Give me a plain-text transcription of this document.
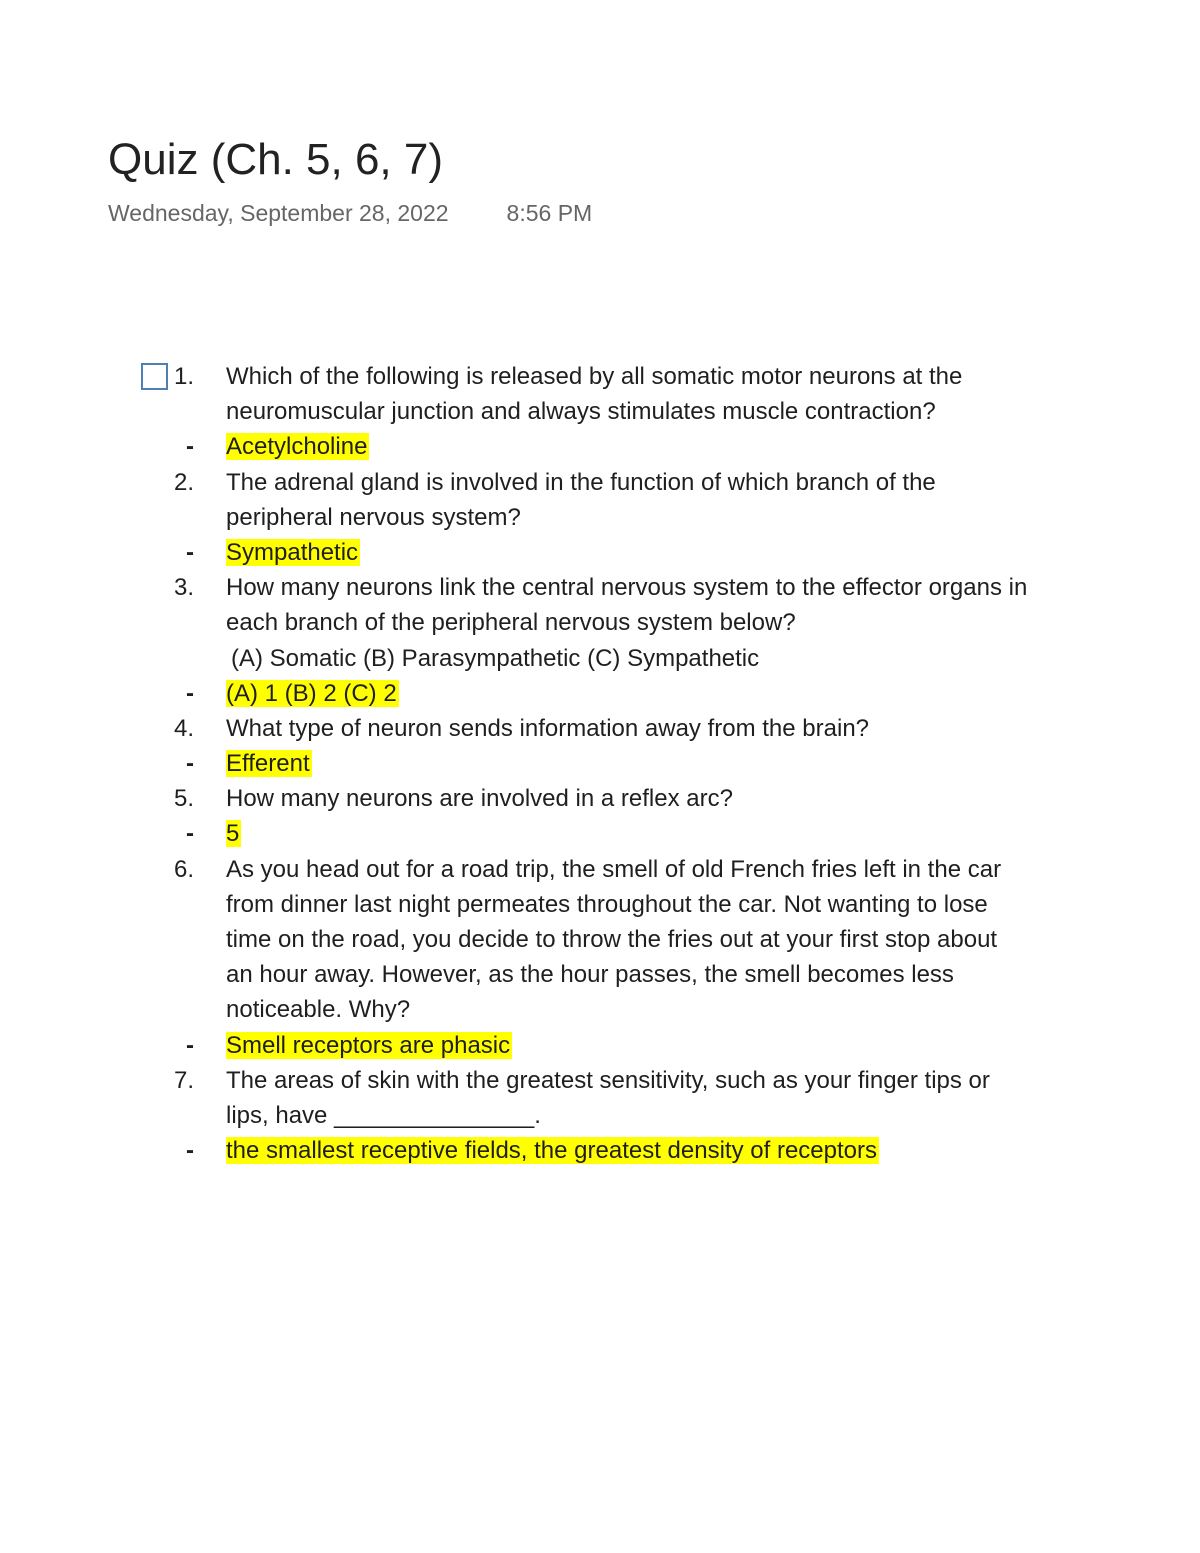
Quiz (Ch. 5, 6, 7)
Wednesday, September 28, 2022	8:56 PM
1.	Which of the following is released by all somatic motor neurons at the
neuromuscular junction and always stimulates muscle contraction?
- Acetylcholine
2.	The adrenal gland is involved in the function of which branch of the
peripheral nervous system?
- Sympathetic
3.	How many neurons link the central nervous system to the effector organs in
each branch of the peripheral nervous system below?
(A) Somatic (B) Parasympathetic (C) Sympathetic
- (A) 1 (B) 2 (C) 2
4.	What type of neuron sends information away from the brain?
- Efferent
5.	How many neurons are involved in a reflex arc?
- 5
6.	As you head out for a road trip, the smell of old French fries left in the car
from dinner last night permeates throughout the car. Not wanting to lose
time on the road, you decide to throw the fries out at your first stop about
an hour away. However, as the hour passes, the smell becomes less
noticeable. Why?
- Smell receptors are phasic
7.	The areas of skin with the greatest sensitivity, such as your finger tips or
lips, have _______________.
- the smallest receptive fields, the greatest density of receptors
